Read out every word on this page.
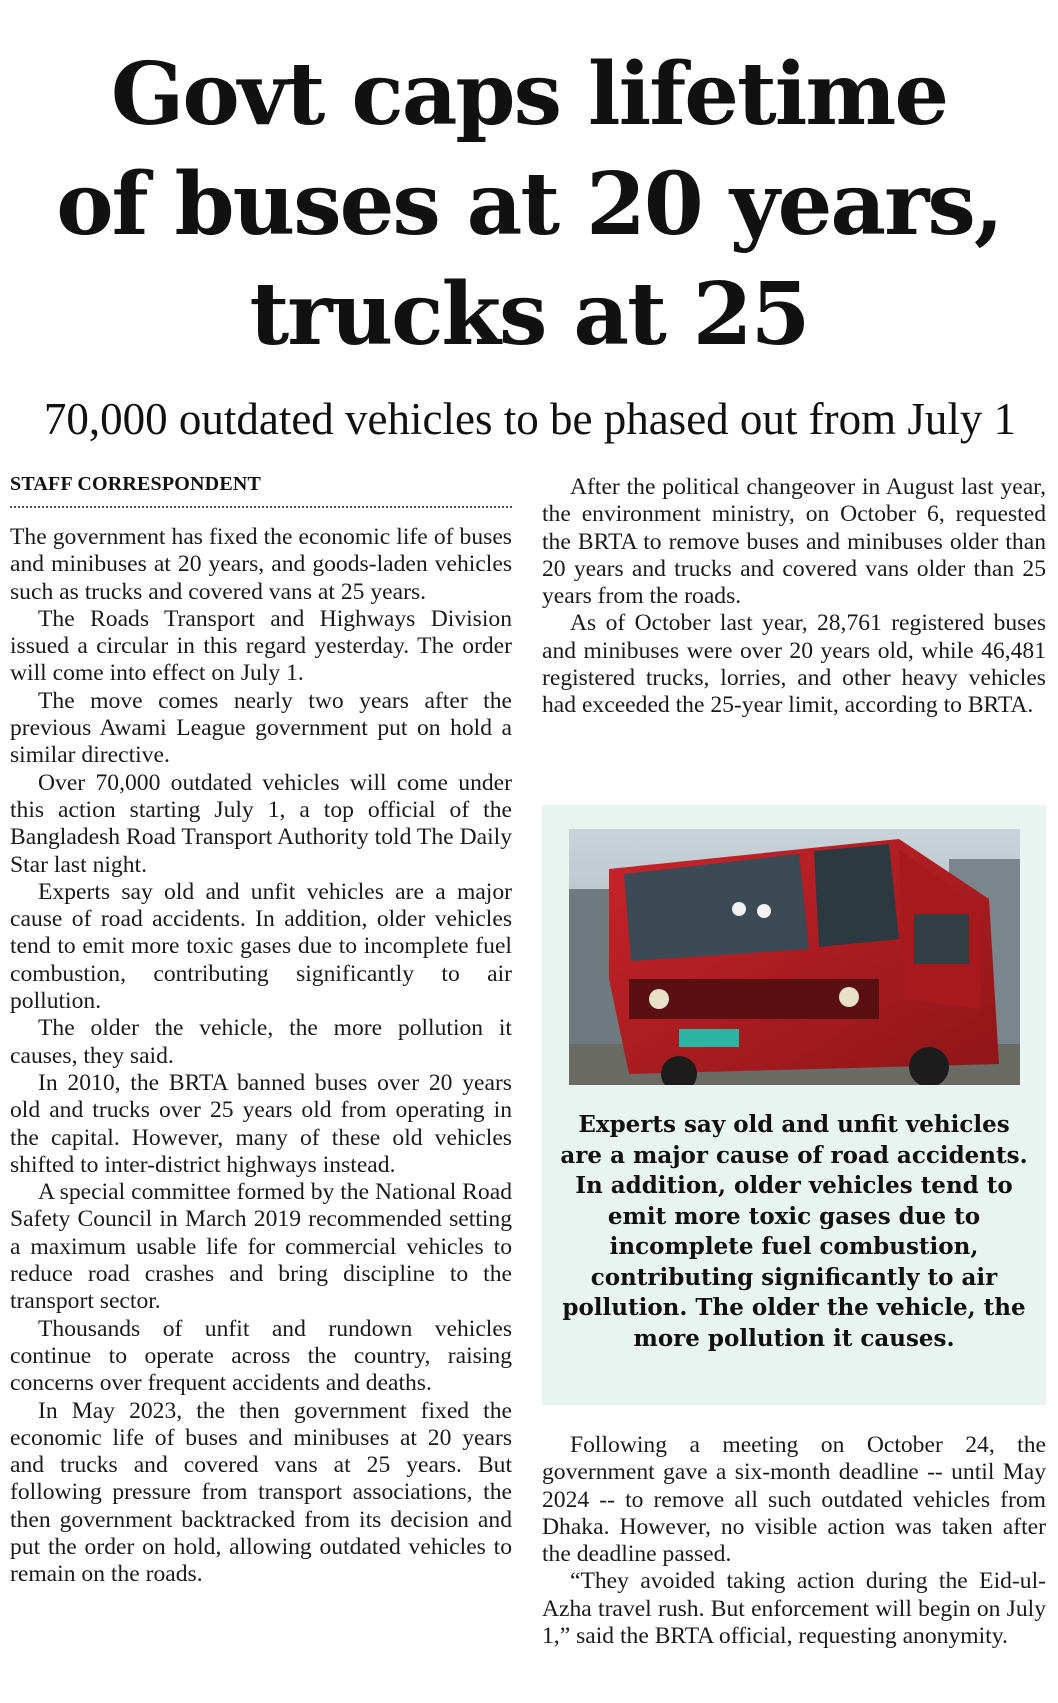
Govt caps lifetime
of buses at 20 years,
trucks at 25
70,000 outdated vehicles to be phased out from July 1
STAFF CORRESPONDENT

The government has fixed the economic life of buses and minibuses at 20 years, and goods-laden vehicles such as trucks and covered vans at 25 years.

The Roads Transport and Highways Division issued a circular in this regard yesterday. The order will come into effect on July 1.

The move comes nearly two years after the previous Awami League government put on hold a similar directive.

Over 70,000 outdated vehicles will come under this action starting July 1, a top official of the Bangladesh Road Transport Authority told The Daily Star last night.

Experts say old and unfit vehicles are a major cause of road accidents. In addition, older vehicles tend to emit more toxic gases due to incomplete fuel combustion, contributing significantly to air pollution.

The older the vehicle, the more pollution it causes, they said.

In 2010, the BRTA banned buses over 20 years old and trucks over 25 years old from operating in the capital. However, many of these old vehicles shifted to inter-district highways instead.

A special committee formed by the National Road Safety Council in March 2019 recommended setting a maximum usable life for commercial vehicles to reduce road crashes and bring discipline to the transport sector.

Thousands of unfit and rundown vehicles continue to operate across the country, raising concerns over frequent accidents and deaths.

In May 2023, the then government fixed the economic life of buses and minibuses at 20 years and trucks and covered vans at 25 years. But following pressure from transport associations, the then government backtracked from its decision and put the order on hold, allowing outdated vehicles to remain on the roads.

After the political changeover in August last year, the environment ministry, on October 6, requested the BRTA to remove buses and minibuses older than 20 years and trucks and covered vans older than 25 years from the roads.

As of October last year, 28,761 registered buses and minibuses were over 20 years old, while 46,481 registered trucks, lorries, and other heavy vehicles had exceeded the 25-year limit, according to BRTA.

Experts say old and unfit vehicles are a major cause of road accidents. In addition, older vehicles tend to emit more toxic gases due to incomplete fuel combustion, contributing significantly to air pollution. The older the vehicle, the more pollution it causes.

Following a meeting on October 24, the government gave a six-month deadline -- until May 2024 -- to remove all such outdated vehicles from Dhaka. However, no visible action was taken after the deadline passed.

“They avoided taking action during the Eid-ul-Azha travel rush. But enforcement will begin on July 1,” said the BRTA official, requesting anonymity.
